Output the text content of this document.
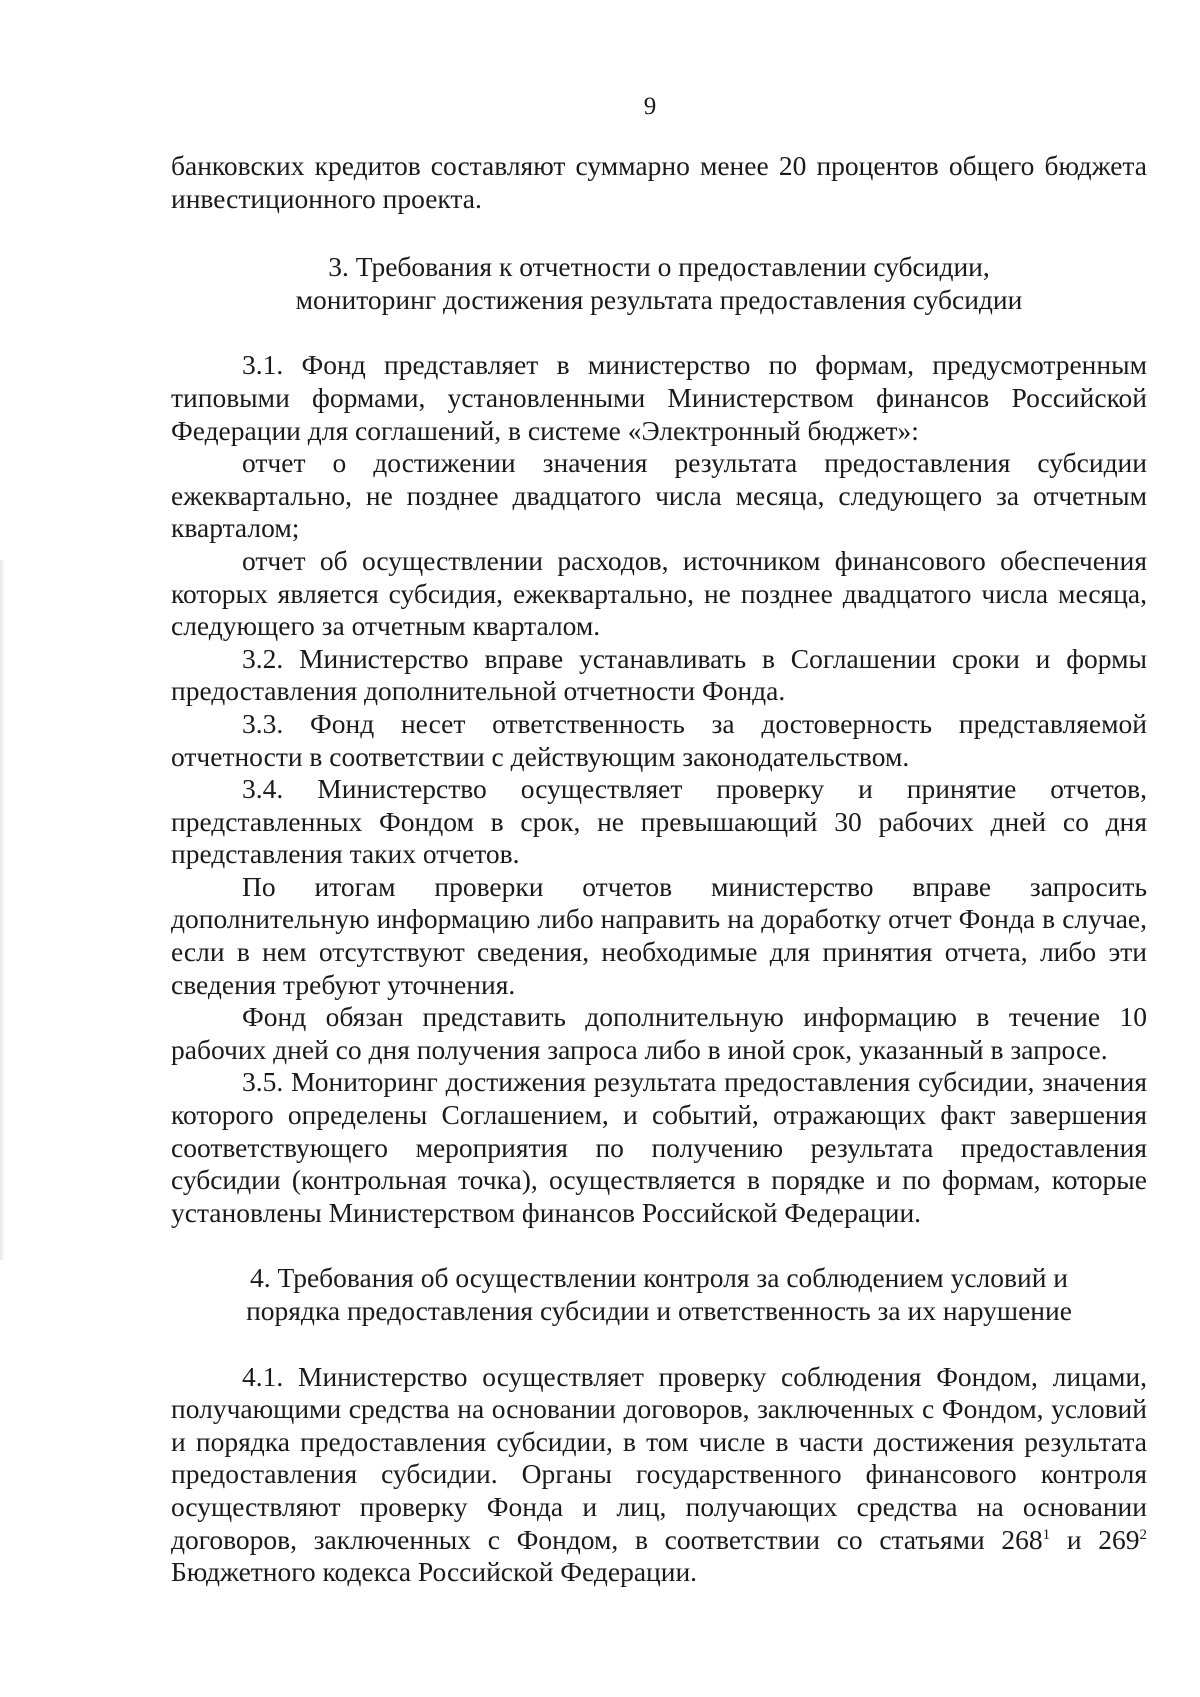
9

банковских кредитов составляют суммарно менее 20 процентов общего бюджета инвестиционного проекта.

3. Требования к отчетности о предоставлении субсидии,
мониторинг достижения результата предоставления субсидии

3.1. Фонд представляет в министерство по формам, предусмотренным типовыми формами, установленными Министерством финансов Российской Федерации для соглашений, в системе «Электронный бюджет»:

отчет о достижении значения результата предоставления субсидии ежеквартально, не позднее двадцатого числа месяца, следующего за отчетным кварталом;

отчет об осуществлении расходов, источником финансового обеспечения которых является субсидия, ежеквартально, не позднее двадцатого числа месяца, следующего за отчетным кварталом.

3.2. Министерство вправе устанавливать в Соглашении сроки и формы предоставления дополнительной отчетности Фонда.

3.3. Фонд несет ответственность за достоверность представляемой отчетности в соответствии с действующим законодательством.

3.4. Министерство осуществляет проверку и принятие отчетов, представленных Фондом в срок, не превышающий 30 рабочих дней со дня представления таких отчетов.

По итогам проверки отчетов министерство вправе запросить дополнительную информацию либо направить на доработку отчет Фонда в случае, если в нем отсутствуют сведения, необходимые для принятия отчета, либо эти сведения требуют уточнения.

Фонд обязан представить дополнительную информацию в течение 10 рабочих дней со дня получения запроса либо в иной срок, указанный в запросе.

3.5. Мониторинг достижения результата предоставления субсидии, значения которого определены Соглашением, и событий, отражающих факт завершения соответствующего мероприятия по получению результата предоставления субсидии (контрольная точка), осуществляется в порядке и по формам, которые установлены Министерством финансов Российской Федерации.

4. Требования об осуществлении контроля за соблюдением условий и
порядка предоставления субсидии и ответственность за их нарушение

4.1. Министерство осуществляет проверку соблюдения Фондом, лицами, получающими средства на основании договоров, заключенных с Фондом, условий и порядка предоставления субсидии, в том числе в части достижения результата предоставления субсидии. Органы государственного финансового контроля осуществляют проверку Фонда и лиц, получающих средства на основании договоров, заключенных с Фондом, в соответствии со статьями $268^1$ и $269^2$ Бюджетного кодекса Российской Федерации.
